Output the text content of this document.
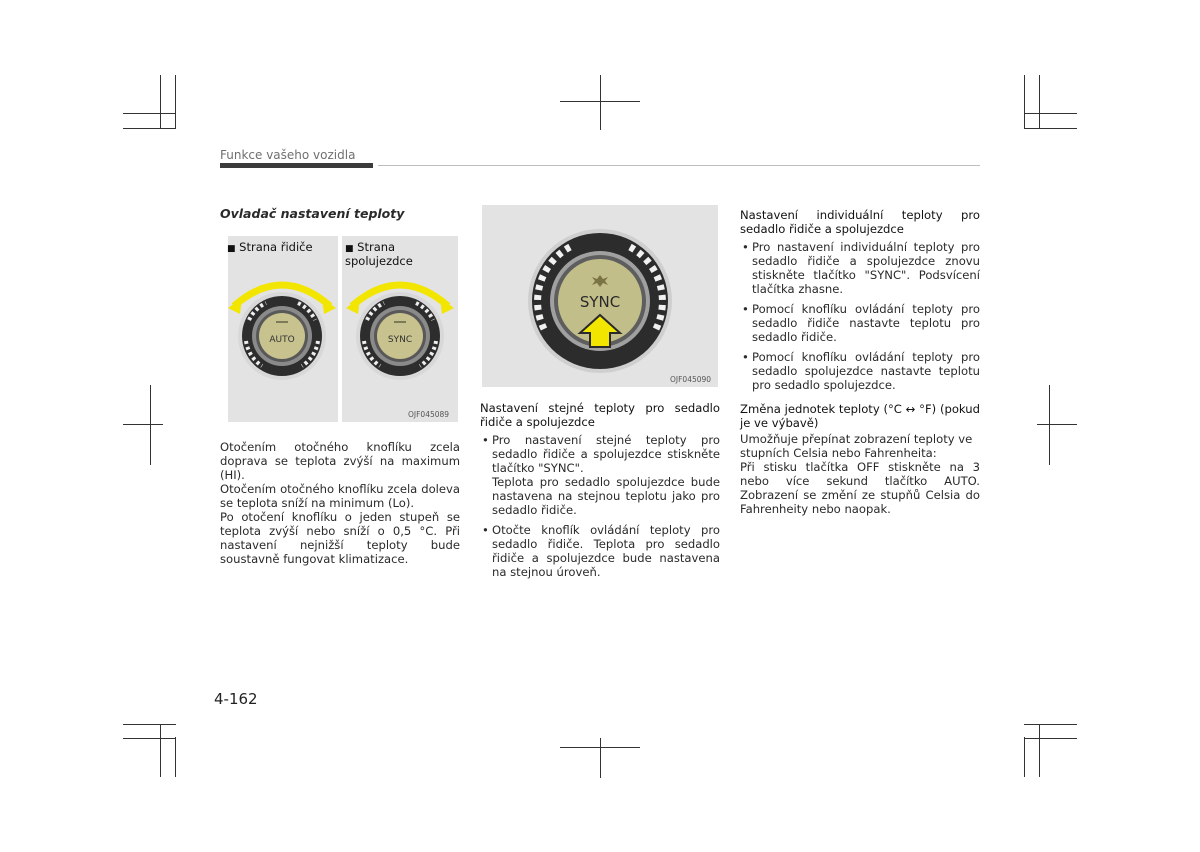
Funkce vašeho vozidla
Ovladač nastavení teploty
■ Strana řidiče	■ Strana spolujezdce
AUTO	SYNC
OJF045089
Otočením otočného knoflíku zcela doprava se teplota zvýší na maximum (HI).
Otočením otočného knoflíku zcela doleva se teplota sníží na minimum (Lo).
Po otočení knoflíku o jeden stupeň se teplota zvýší nebo sníží o 0,5 °C. Při nastavení nejnižší teploty bude soustavně fungovat klimatizace.
SYNC
OJF045090
Nastavení stejné teploty pro sedadlo řidiče a spolujezdce
• Pro nastavení stejné teploty pro sedadlo řidiče a spolujezdce stiskněte tlačítko "SYNC".
Teplota pro sedadlo spolujezdce bude nastavena na stejnou teplotu jako pro sedadlo řidiče.
• Otočte knoflík ovládání teploty pro sedadlo řidiče. Teplota pro sedadlo řidiče a spolujezdce bude nastavena na stejnou úroveň.
Nastavení individuální teploty pro sedadlo řidiče a spolujezdce
• Pro nastavení individuální teploty pro sedadlo řidiče a spolujezdce znovu stiskněte tlačítko "SYNC". Podsvícení tlačítka zhasne.
• Pomocí knoflíku ovládání teploty pro sedadlo řidiče nastavte teplotu pro sedadlo řidiče.
• Pomocí knoflíku ovládání teploty pro sedadlo spolujezdce nastavte teplotu pro sedadlo spolujezdce.
Změna jednotek teploty (°C ↔ °F) (pokud je ve výbavě)
Umožňuje přepínat zobrazení teploty ve stupních Celsia nebo Fahrenheita:
Při stisku tlačítka OFF stiskněte na 3 nebo více sekund tlačítko AUTO. Zobrazení se změní ze stupňů Celsia do Fahrenheity nebo naopak.
4-162
